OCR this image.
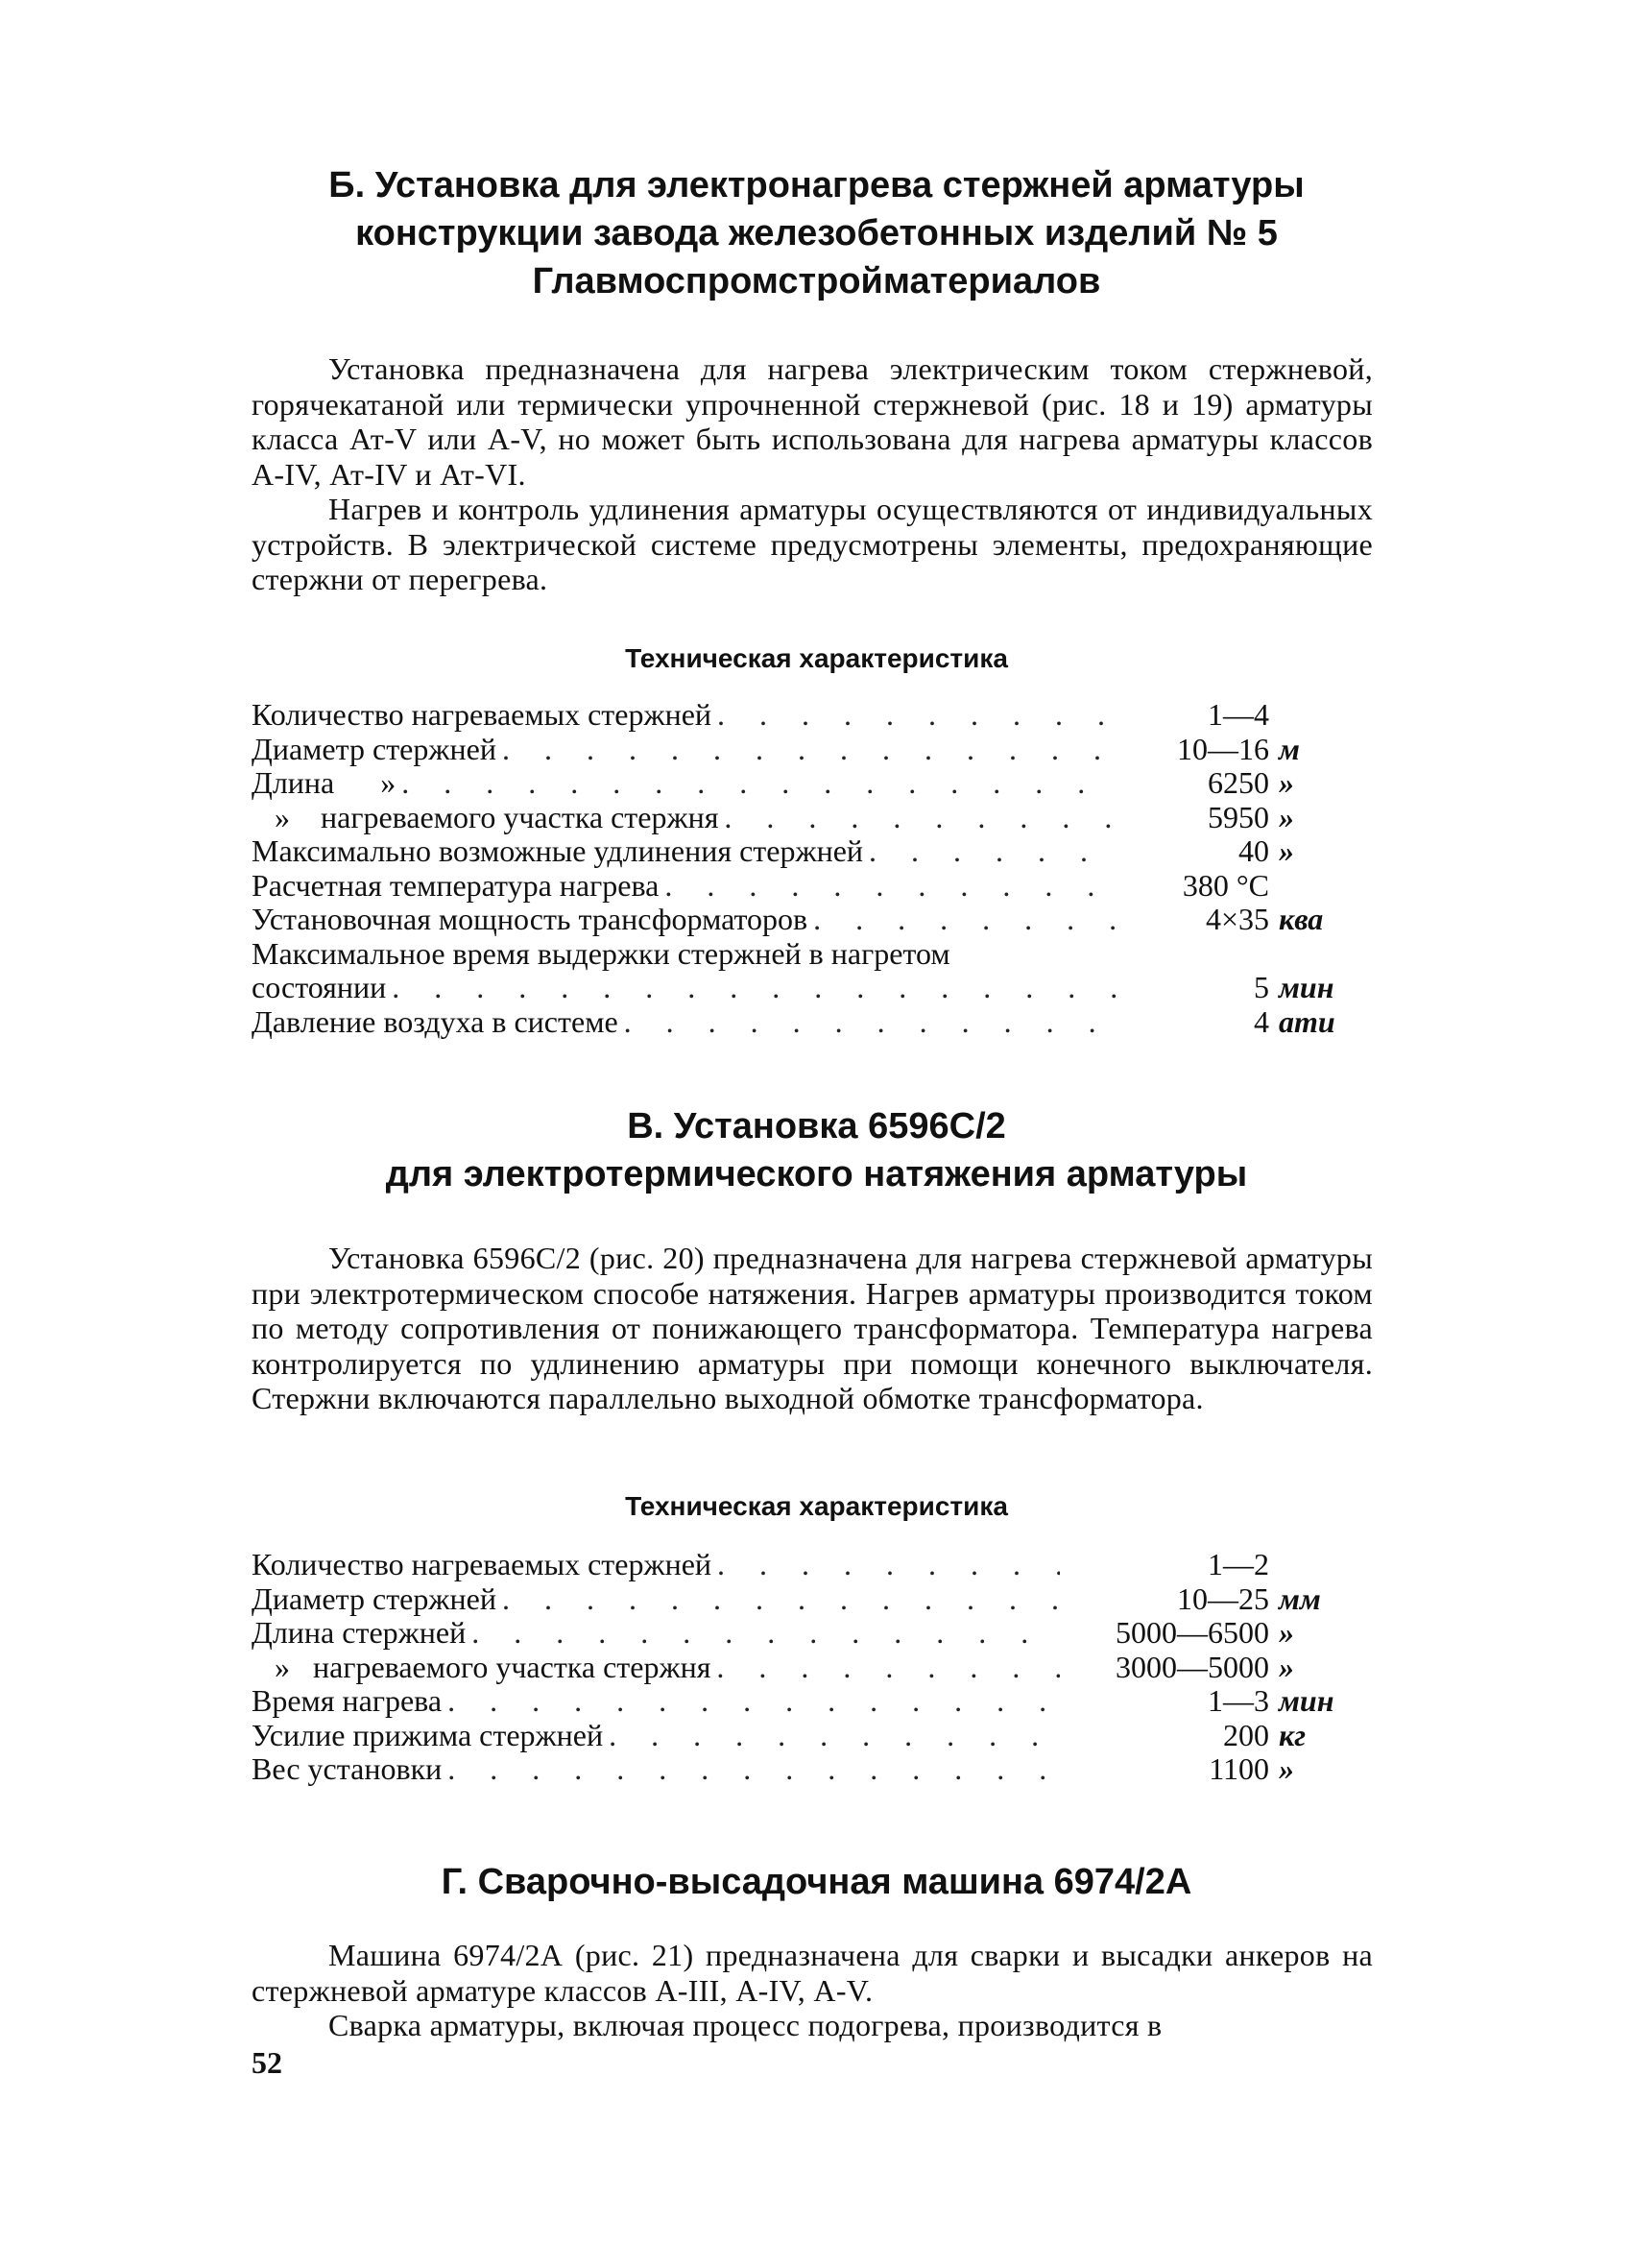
Б. Установка для электронагрева стержней арматуры
конструкции завода железобетонных изделий № 5
Главмоспромстройматериалов

Установка предназначена для нагрева электрическим током стержневой, горячекатаной или термически упрочненной стержневой (рис. 18 и 19) арматуры класса Ат-V или А-V, но может быть использована для нагрева арматуры классов А-IV, Ат-IV и Ат-VI.

Нагрев и контроль удлинения арматуры осуществляются от индивидуальных устройств. В электрической системе предусмотрены элементы, предохраняющие стержни от перегрева.

Техническая характеристика
Количество нагреваемых стержней . . .	1—4
Диаметр стержней . . .	10—16 м
Длина      » . . .	6250 »
»    нагреваемого участка стержня . . .	5950 »
Максимально возможные удлинения стержней . . .	40 »
Расчетная температура нагрева . . .	380 °С
Установочная мощность трансформаторов . . .	4×35 ква
Максимальное время выдержки стержней в нагретом
состоянии . . .	5 мин
Давление воздуха в системе . . .	4 ати
В. Установка 6596С/2
для электротермического натяжения арматуры

Установка 6596С/2 (рис. 20) предназначена для нагрева стержневой арматуры при электротермическом способе натяжения. Нагрев арматуры производится током по методу сопротивления от понижающего трансформатора. Температура нагрева контролируется по удлинению арматуры при помощи конечного выключателя. Стержни включаются параллельно выходной обмотке трансформатора.

Техническая характеристика
Количество нагреваемых стержней . . .	1—2
Диаметр стержней . . .	10—25 мм
Длина стержней . . .	5000—6500 »
»   нагреваемого участка стержня . . .	3000—5000 »
Время нагрева . . .	1—3 мин
Усилие прижима стержней . . .	200 кг
Вес установки . . .	1100 »
Г. Сварочно-высадочная машина 6974/2А

Машина 6974/2А (рис. 21) предназначена для сварки и высадки анкеров на стержневой арматуре классов А-III, А-IV, А-V.

Сварка арматуры, включая процесс подогрева, производится в

52
